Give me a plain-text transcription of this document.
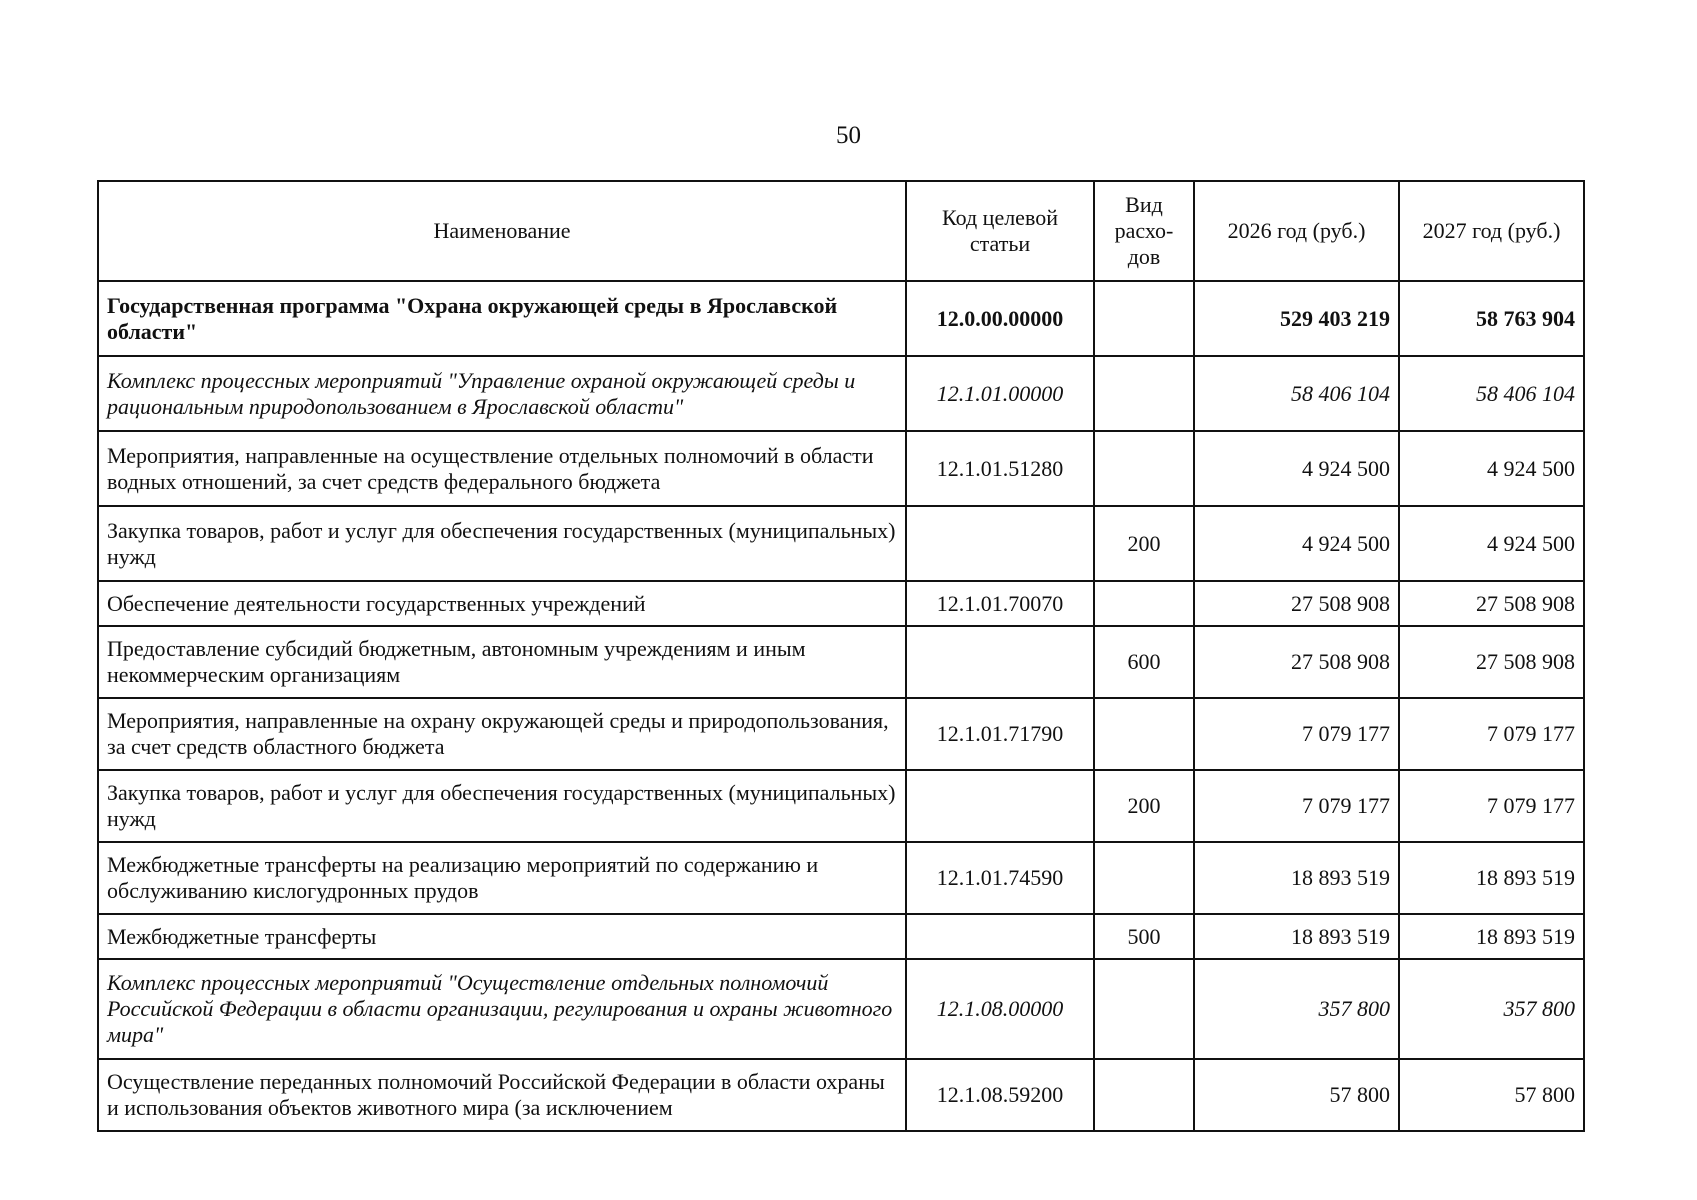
50
Наименование	Код целевой статьи	Вид расхо-дов	2026 год (руб.)	2027 год (руб.)
Государственная программа "Охрана окружающей среды в Ярославской области"	12.0.00.00000		529 403 219	58 763 904
Комплекс процессных мероприятий "Управление охраной окружающей среды и рациональным природопользованием в Ярославской области"	12.1.01.00000		58 406 104	58 406 104
Мероприятия, направленные на осуществление отдельных полномочий в области водных отношений, за счет средств федерального бюджета	12.1.01.51280		4 924 500	4 924 500
Закупка товаров, работ и услуг для обеспечения государственных (муниципальных) нужд		200	4 924 500	4 924 500
Обеспечение деятельности государственных учреждений	12.1.01.70070		27 508 908	27 508 908
Предоставление субсидий бюджетным, автономным учреждениям и иным некоммерческим организациям		600	27 508 908	27 508 908
Мероприятия, направленные на охрану окружающей среды и природопользования, за счет средств областного бюджета	12.1.01.71790		7 079 177	7 079 177
Закупка товаров, работ и услуг для обеспечения государственных (муниципальных) нужд		200	7 079 177	7 079 177
Межбюджетные трансферты на реализацию мероприятий по содержанию и обслуживанию кислогудронных прудов	12.1.01.74590		18 893 519	18 893 519
Межбюджетные трансферты		500	18 893 519	18 893 519
Комплекс процессных мероприятий "Осуществление отдельных полномочий Российской Федерации в области организации, регулирования и охраны животного мира"	12.1.08.00000		357 800	357 800
Осуществление переданных полномочий Российской Федерации в области охраны и использования объектов животного мира (за исключением	12.1.08.59200		57 800	57 800
